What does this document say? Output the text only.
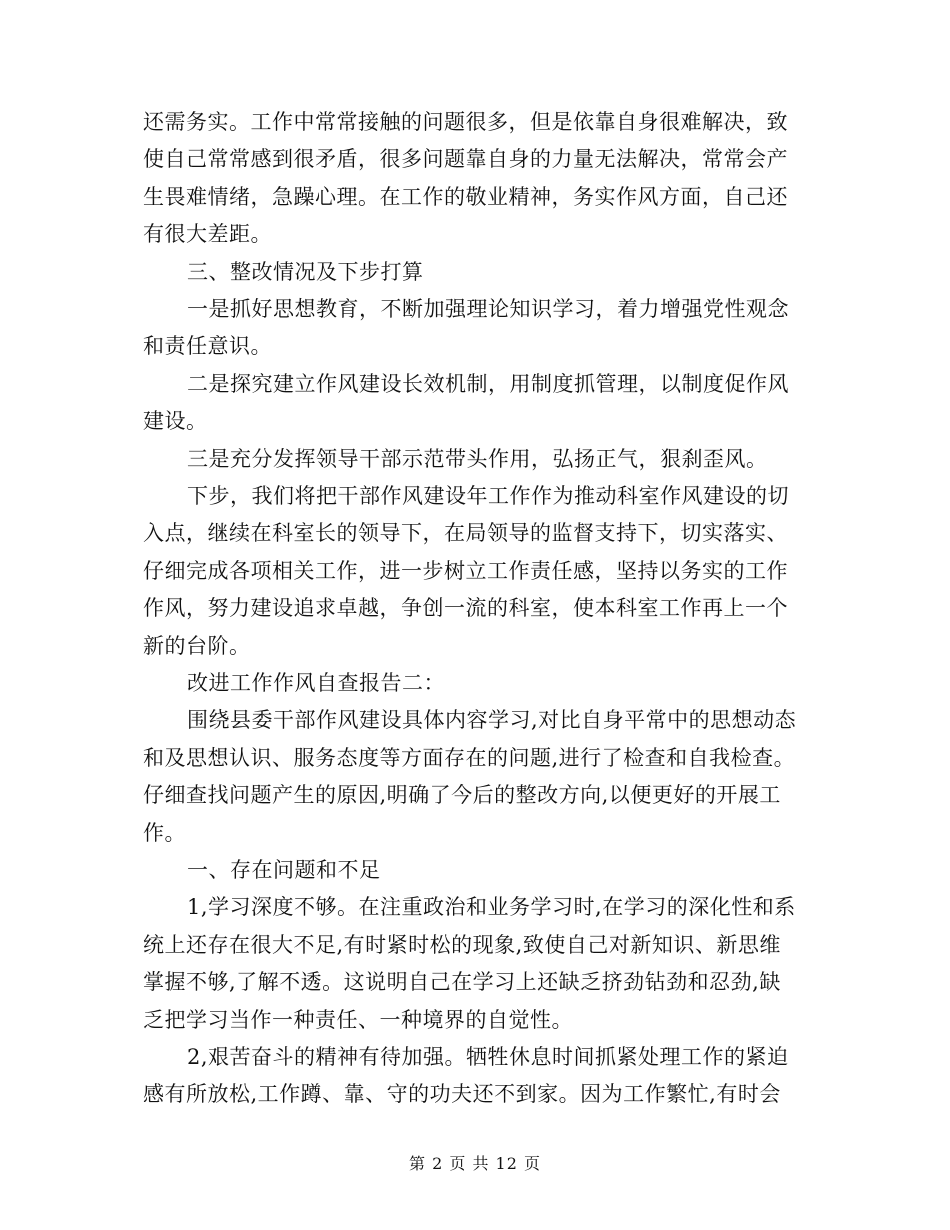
还需务实。工作中常常接触的问题很多，但是依靠自身很难解决，致
使自己常常感到很矛盾，很多问题靠自身的力量无法解决，常常会产
生畏难情绪，急躁心理。在工作的敬业精神，务实作风方面，自己还
有很大差距。
三、整改情况及下步打算
一是抓好思想教育，不断加强理论知识学习，着力增强党性观念
和责任意识。
二是探究建立作风建设长效机制，用制度抓管理，以制度促作风
建设。
三是充分发挥领导干部示范带头作用，弘扬正气，狠刹歪风。
下步，我们将把干部作风建设年工作作为推动科室作风建设的切
入点，继续在科室长的领导下，在局领导的监督支持下，切实落实、
仔细完成各项相关工作，进一步树立工作责任感，坚持以务实的工作
作风，努力建设追求卓越，争创一流的科室，使本科室工作再上一个
新的台阶。
改进工作作风自查报告二：
围绕县委干部作风建设具体内容学习,对比自身平常中的思想动态
和及思想认识、服务态度等方面存在的问题,进行了检查和自我检查。
仔细查找问题产生的原因,明确了今后的整改方向,以便更好的开展工
作。
一、存在问题和不足
1,学习深度不够。在注重政治和业务学习时,在学习的深化性和系
统上还存在很大不足,有时紧时松的现象,致使自己对新知识、新思维
掌握不够,了解不透。这说明自己在学习上还缺乏挤劲钻劲和忍劲,缺
乏把学习当作一种责任、一种境界的自觉性。
2,艰苦奋斗的精神有待加强。牺牲休息时间抓紧处理工作的紧迫
感有所放松,工作蹲、靠、守的功夫还不到家。因为工作繁忙,有时会
第 2 页 共 12 页
